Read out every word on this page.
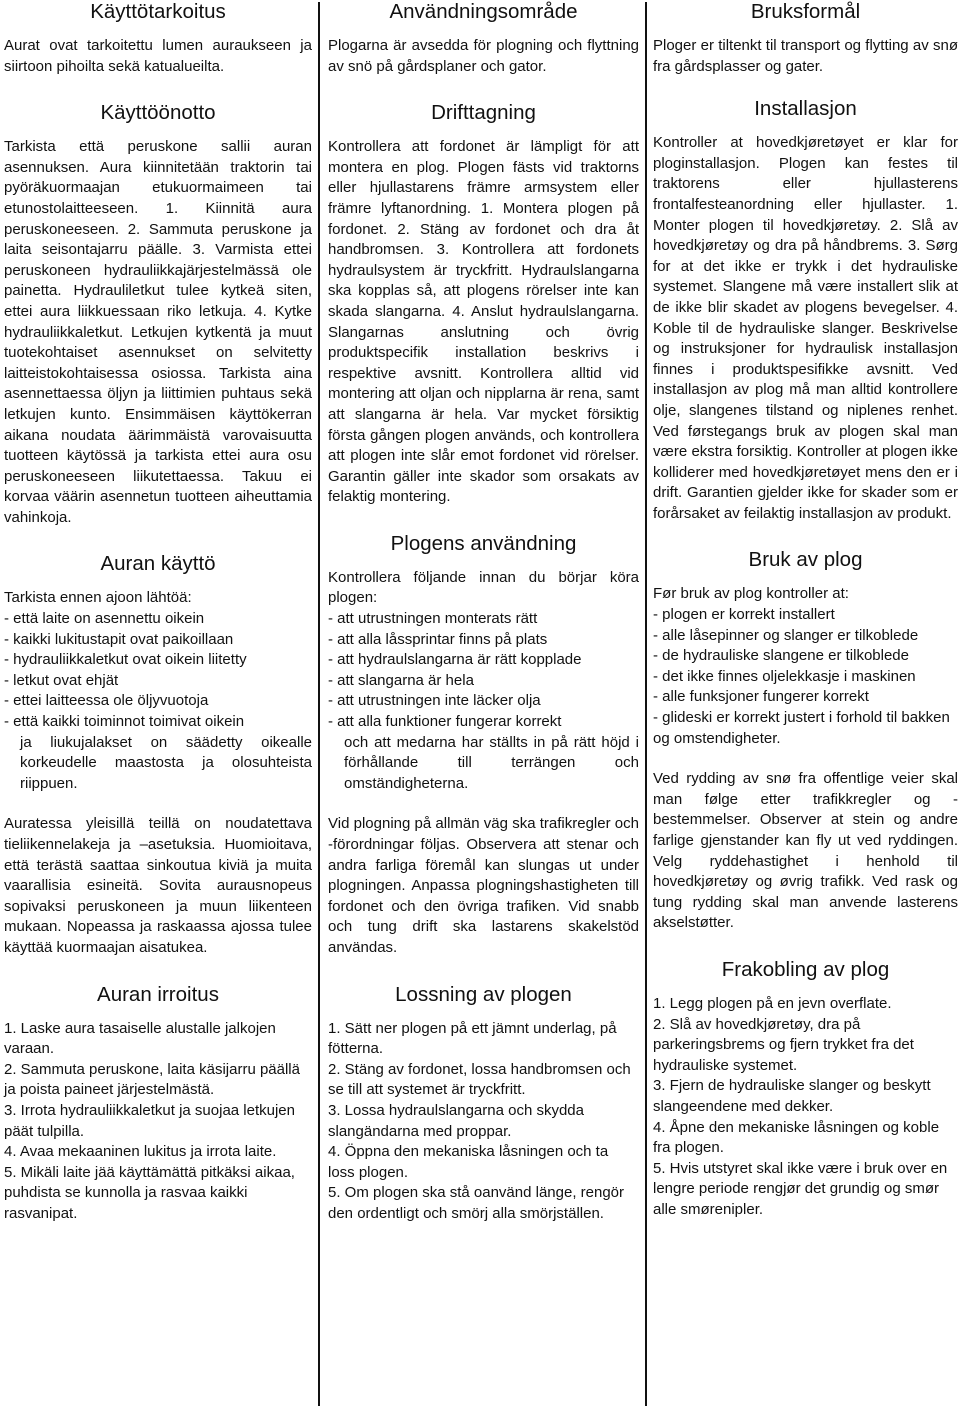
Käyttötarkoitus

Aurat ovat tarkoitettu lumen auraukseen ja siirtoon pihoilta sekä katualueilta.

Käyttöönotto

Tarkista että peruskone sallii auran asennuksen. Aura kiinnitetään traktorin tai pyöräkuormaajan etukuormaimeen tai etunostolaitteeseen. 1. Kiinnitä aura peruskoneeseen. 2. Sammuta peruskone ja laita seisontajarru päälle. 3. Varmista ettei peruskoneen hydrauliikkajärjestelmässä ole painetta. Hydrauliletkut tulee kytkeä siten, ettei aura liikkuessaan riko letkuja. 4. Kytke hydrauliikkaletkut. Letkujen kytkentä ja muut tuotekohtaiset asennukset on selvitetty laitteistokohtaisessa osiossa. Tarkista aina asennettaessa öljyn ja liittimien puhtaus sekä letkujen kunto. Ensimmäisen käyttökerran aikana noudata äärimmäistä varovaisuutta tuotteen käytössä ja tarkista ettei aura osu peruskoneeseen liikutettaessa. Takuu ei korvaa väärin asennetun tuotteen aiheuttamia vahinkoja.

Auran käyttö

Tarkista ennen ajoon lähtöä:

- että laite on asennettu oikein
- kaikki lukitustapit ovat paikoillaan
- hydrauliikkaletkut ovat oikein liitetty
- letkut ovat ehjät
- ettei laitteessa ole öljyvuotoja
- että kaikki toiminnot toimivat oikein
ja liukujalakset on säädetty oikealle korkeudelle maastosta ja olosuhteista riippuen.

Auratessa yleisillä teillä on noudatettava tieliikennelakeja ja –asetuksia. Huomioitava, että terästä saattaa sinkoutua kiviä ja muita vaarallisia esineitä. Sovita aurausnopeus sopivaksi peruskoneen ja muun liikenteen mukaan. Nopeassa ja raskaassa ajossa tulee käyttää kuormaajan aisatukea.

Auran irroitus
1. Laske aura tasaiselle alustalle jalkojen varaan.
2. Sammuta peruskone, laita käsijarru päällä ja poista paineet järjestelmästä.
3. Irrota hydrauliikkaletkut ja suojaa letkujen päät tulpilla.
4. Avaa mekaaninen lukitus ja irrota laite.
5. Mikäli laite jää käyttämättä pitkäksi aikaa, puhdista se kunnolla ja rasvaa kaikki rasvanipat.
Användningsområde

Plogarna är avsedda för plogning och flyttning av snö på gårdsplaner och gator.

Drifttagning

Kontrollera att fordonet är lämpligt för att montera en plog. Plogen fästs vid traktorns eller hjullastarens främre armsystem eller främre lyftanordning. 1. Montera plogen på fordonet. 2. Stäng av fordonet och dra åt handbromsen. 3. Kontrollera att fordonets hydraulsystem är tryckfritt. Hydraulslangarna ska kopplas så, att plogens rörelser inte kan skada slangarna. 4. Anslut hydraulslangarna. Slangarnas anslutning och övrig produktspecifik installation beskrivs i respektive avsnitt. Kontrollera alltid vid montering att oljan och nipplarna är rena, samt att slangarna är hela. Var mycket försiktig första gången plogen används, och kontrollera att plogen inte slår emot fordonet vid rörelser. Garantin gäller inte skador som orsakats av felaktig montering.

Plogens användning

Kontrollera följande innan du börjar köra plogen:

- att utrustningen monterats rätt
- att alla låssprintar finns på plats
- att hydraulslangarna är rätt kopplade
- att slangarna är hela
- att utrustningen inte läcker olja
- att alla funktioner fungerar korrekt
och att medarna har ställts in på rätt höjd i förhållande till terrängen och omständigheterna.

Vid plogning på allmän väg ska trafikregler och -förordningar följas. Observera att stenar och andra farliga föremål kan slungas ut under plogningen. Anpassa plogningshastigheten till fordonet och den övriga trafiken. Vid snabb och tung drift ska lastarens skakelstöd användas.

Lossning av plogen
1. Sätt ner plogen på ett jämnt underlag, på fötterna.
2. Stäng av fordonet, lossa handbromsen och se till att systemet är tryckfritt.
3. Lossa hydraulslangarna och skydda slangändarna med proppar.
4. Öppna den mekaniska låsningen och ta loss plogen.
5. Om plogen ska stå oanvänd länge, rengör den ordentligt och smörj alla smörjställen.
Bruksformål

Ploger er tiltenkt til transport og flytting av snø fra gårdsplasser og gater.

Installasjon

Kontroller at hovedkjøretøyet er klar for ploginstallasjon. Plogen kan festes til traktorens eller hjullasterens frontalfesteanordning eller hjullaster. 1. Monter plogen til hovedkjøretøy. 2. Slå av hovedkjøretøy og dra på håndbrems. 3. Sørg for at det ikke er trykk i det hydrauliske systemet. Slangene må være installert slik at de ikke blir skadet av plogens bevegelser. 4. Koble til de hydrauliske slanger. Beskrivelse og instruksjoner for hydraulisk installasjon finnes i produktspesifikke avsnitt. Ved installasjon av plog må man alltid kontrollere olje, slangenes tilstand og niplenes renhet. Ved førstegangs bruk av plogen skal man være ekstra forsiktig. Kontroller at plogen ikke kolliderer med hovedkjøretøyet mens den er i drift. Garantien gjelder ikke for skader som er forårsaket av feilaktig installasjon av produkt.

Bruk av plog

Før bruk av plog kontroller at:

- plogen er korrekt installert
- alle låsepinner og slanger er tilkoblede
- de hydrauliske slangene er tilkoblede
- det ikke finnes oljelekkasje i maskinen
- alle funksjoner fungerer korrekt
- glideski er korrekt justert i forhold til bakken og omstendigheter.

Ved rydding av snø fra offentlige veier skal man følge etter trafikkregler og -bestemmelser. Observer at stein og andre farlige gjenstander kan fly ut ved ryddingen. Velg ryddehastighet i henhold til hovedkjøretøy og øvrig trafikk. Ved rask og tung rydding skal man anvende lasterens akselstøtter.

Frakobling av plog
1. Legg plogen på en jevn overflate.
2. Slå av hovedkjøretøy, dra på parkeringsbrems og fjern trykket fra det hydrauliske systemet.
3. Fjern de hydrauliske slanger og beskytt slangeendene med dekker.
4. Åpne den mekaniske låsningen og koble fra plogen.
5. Hvis utstyret skal ikke være i bruk over en lengre periode rengjør det grundig og smør alle smørenipler.
